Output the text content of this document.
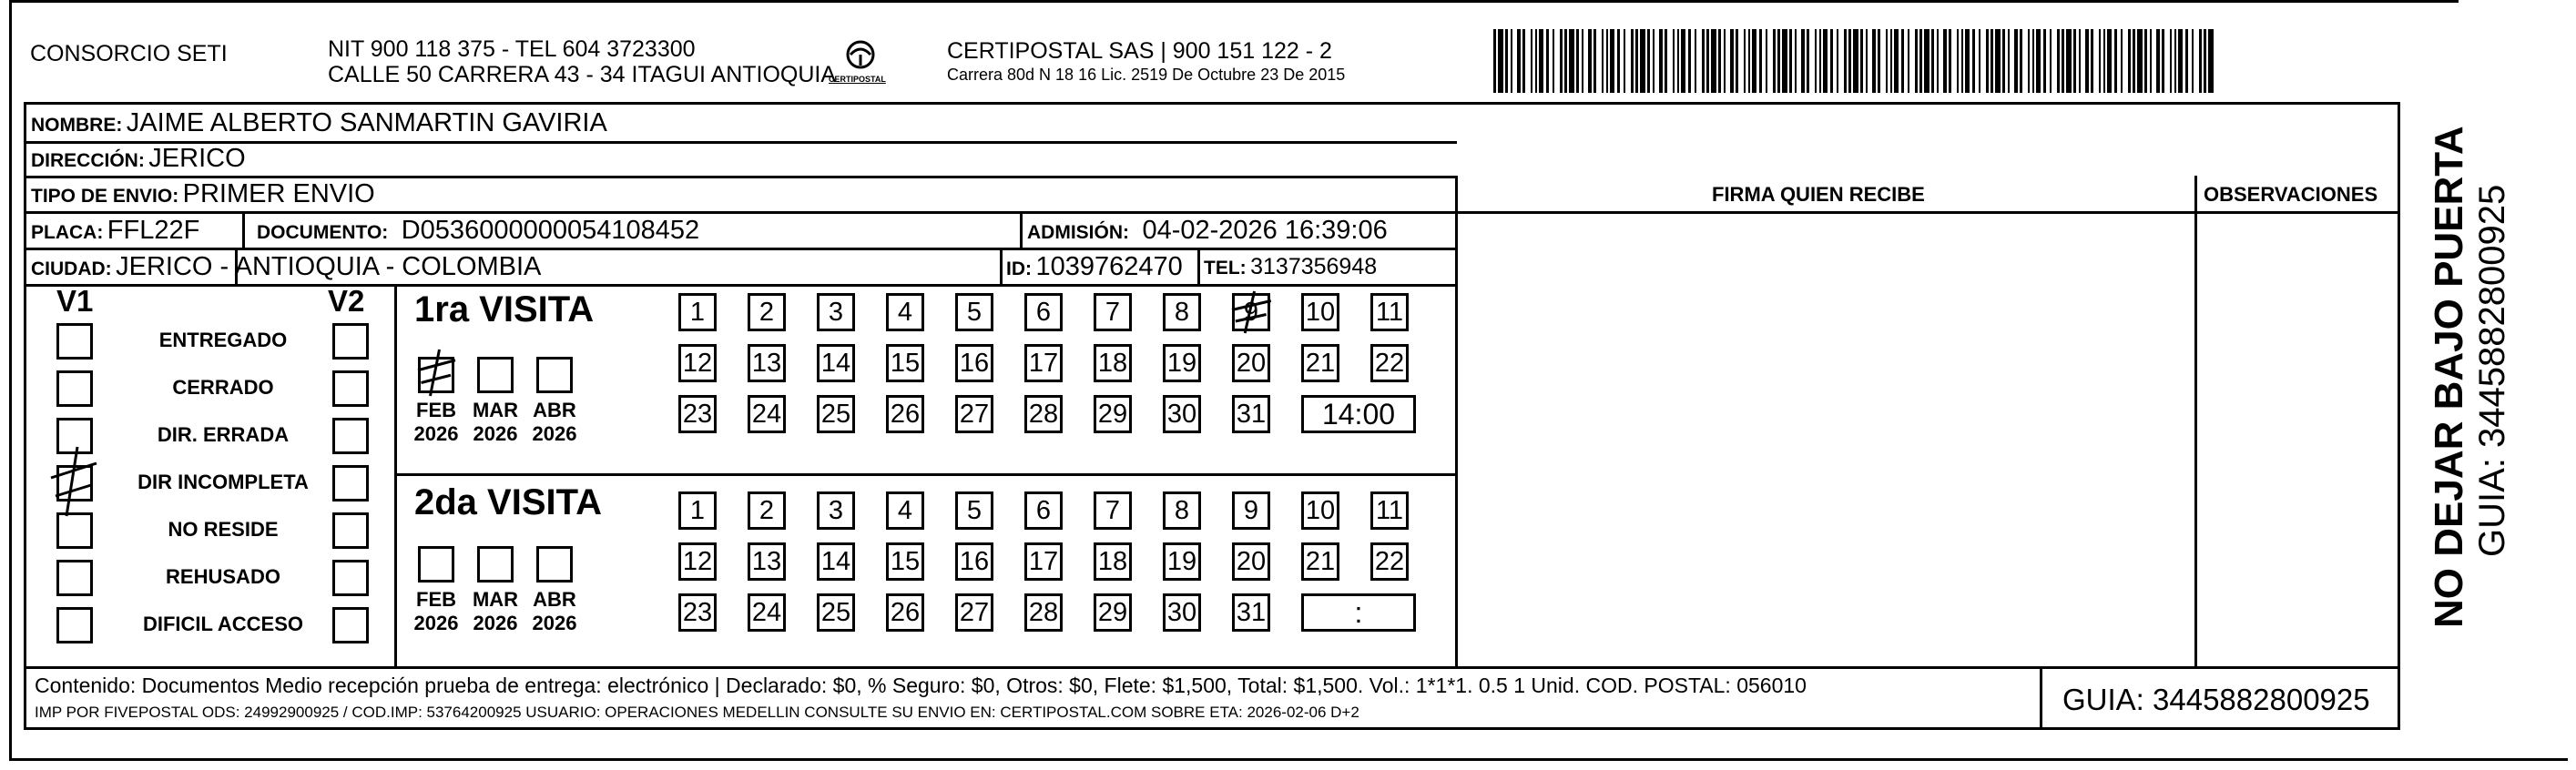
CONSORCIO SETI	NIT 900 118 375 - TEL 604 3723300
CALLE 50 CARRERA 43 - 34 ITAGUI ANTIOQUIA
CERTIPOSTAL
CERTIPOSTAL SAS | 900 151 122 - 2
Carrera 80d N 18 16 Lic. 2519 De Octubre 23 De 2015
NOMBRE: JAIME ALBERTO SANMARTIN GAVIRIA
DIRECCIÓN: JERICO
TIPO DE ENVIO: PRIMER ENVIO
PLACA: FFL22F	DOCUMENTO: D0536000000054108452	ADMISIÓN: 04-02-2026 16:39:06
CIUDAD: JERICO - ANTIOQUIA - COLOMBIA	ID: 1039762470 TEL: 3137356948
FIRMA QUIEN RECIBE	OBSERVACIONES
V1	V2
ENTREGADO
CERRADO
DIR. ERRADA
DIR INCOMPLETA
NO RESIDE
REHUSADO
DIFICIL ACCESO
1ra VISITA
FEB
2026
MAR
2026
ABR
2026
1	2	3	4	5	6	7	8	9	10 11
12 13 14 15 16 17 18 19 20 21 22
23 24 25 26 27 28 29 30 31	14:00
2da VISITA
FEB
2026
MAR
2026
ABR
2026
1	2	3	4	5	6	7	8	9	10 11
12 13 14 15 16 17 18 19 20 21 22
23 24 25 26 27 28 29 30 31	:
Contenido: Documentos Medio recepción prueba de entrega: electrónico | Declarado: $0, % Seguro: $0, Otros: $0, Flete: $1,500, Total: $1,500. Vol.: 1*1*1. 0.5 1 Unid. COD. POSTAL: 056010
IMP POR FIVEPOSTAL ODS: 24992900925 / COD.IMP: 53764200925 USUARIO: OPERACIONES MEDELLIN CONSULTE SU ENVIO EN: CERTIPOSTAL.COM SOBRE ETA: 2026-02-06 D+2	GUIA: 3445882800925
NO DEJAR BAJO PUERTA GUIA: 3445882800925
